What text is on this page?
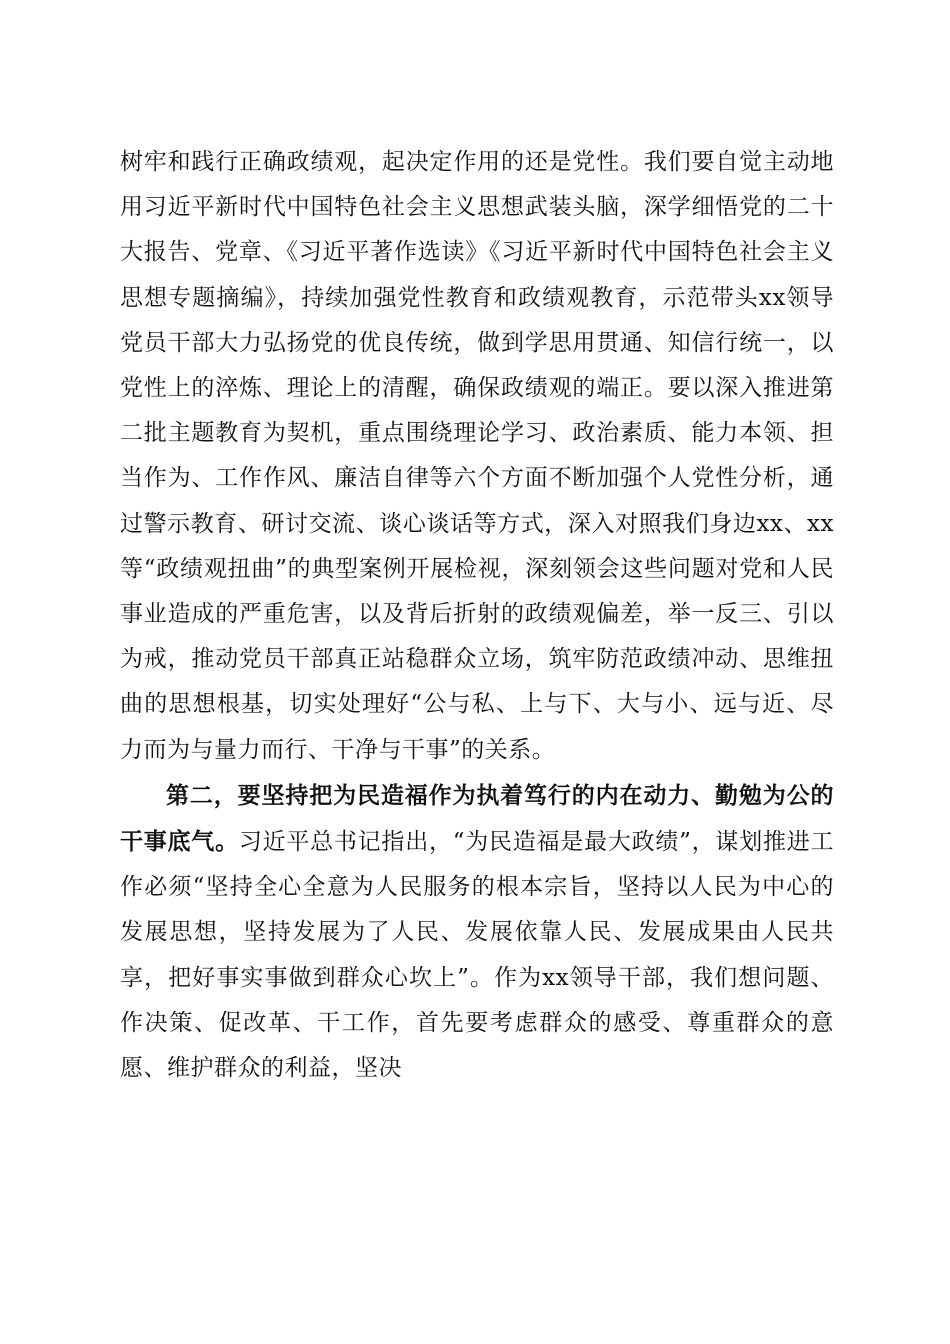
树牢和践行正确政绩观，起决定作用的还是党性。我们要自觉主动地用习近平新时代中国特色社会主义思想武装头脑，深学细悟党的二十大报告、党章、《习近平著作选读》《习近平新时代中国特色社会主义思想专题摘编》，持续加强党性教育和政绩观教育，示范带头xx领导党员干部大力弘扬党的优良传统，做到学思用贯通、知信行统一，以党性上的淬炼、理论上的清醒，确保政绩观的端正。要以深入推进第二批主题教育为契机，重点围绕理论学习、政治素质、能力本领、担当作为、工作作风、廉洁自律等六个方面不断加强个人党性分析，通过警示教育、研讨交流、谈心谈话等方式，深入对照我们身边xx、xx等“政绩观扭曲”的典型案例开展检视，深刻领会这些问题对党和人民事业造成的严重危害，以及背后折射的政绩观偏差，举一反三、引以为戒，推动党员干部真正站稳群众立场，筑牢防范政绩冲动、思维扭曲的思想根基，切实处理好“公与私、上与下、大与小、远与近、尽力而为与量力而行、干净与干事”的关系。

第二，要坚持把为民造福作为执着笃行的内在动力、勤勉为公的干事底气。习近平总书记指出，“为民造福是最大政绩”，谋划推进工作必须“坚持全心全意为人民服务的根本宗旨，坚持以人民为中心的发展思想，坚持发展为了人民、发展依靠人民、发展成果由人民共享，把好事实事做到群众心坎上”。作为xx领导干部，我们想问题、作决策、促改革、干工作，首先要考虑群众的感受、尊重群众的意愿、维护群众的利益，坚决
